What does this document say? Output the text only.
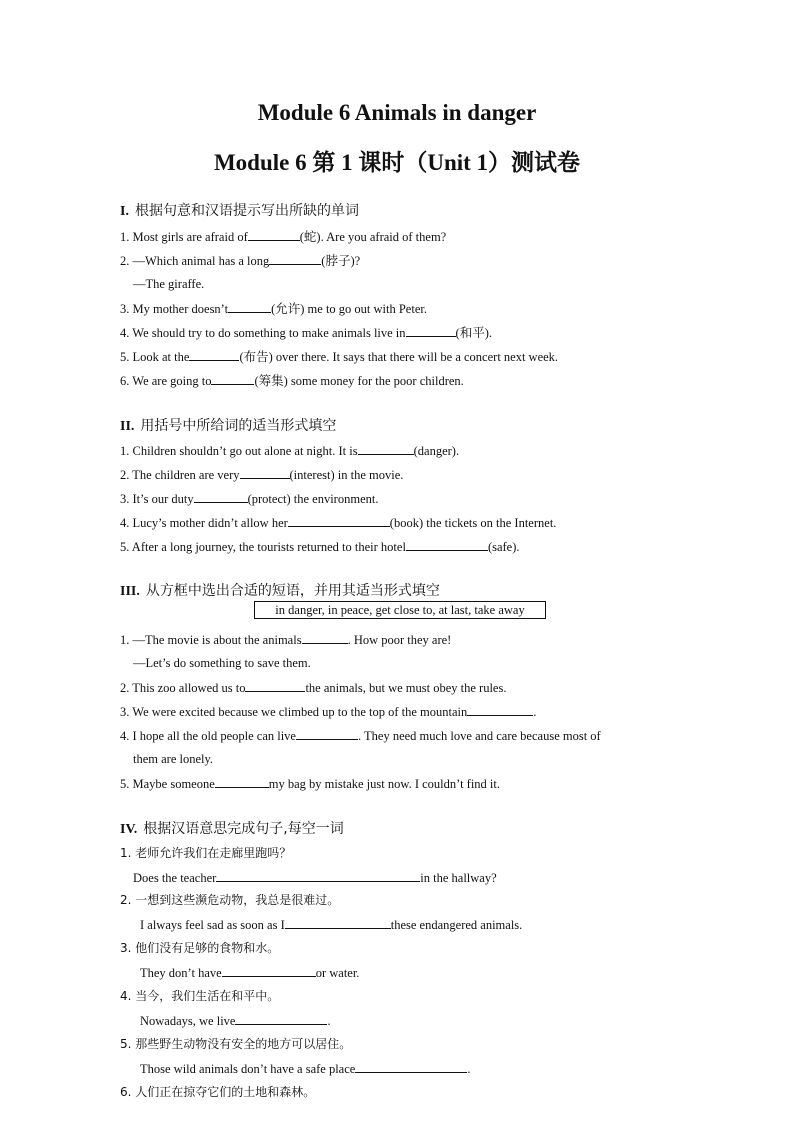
Module 6 Animals in danger
Module 6 第 1 课时（Unit 1）测试卷
I. 根据句意和汉语提示写出所缺的单词
1. Most girls are afraid of	(蛇). Are you afraid of them?
2. —Which animal has a long	(脖子)?
—The giraffe.
3. My mother doesn’t	(允许) me to go out with Peter.
4. We should try to do something to make animals live in	(和平).
5. Look at the	(布告) over there. It says that there will be a concert next week.
6. We are going to	(筹集) some money for the poor children.
II. 用括号中所给词的适当形式填空
1. Children shouldn’t go out alone at night. It is	(danger).
2. The children are very	(interest) in the movie.
3. It’s our duty	(protect) the environment.
4. Lucy’s mother didn’t allow her	(book) the tickets on the Internet.
5. After a long journey, the tourists returned to their hotel	(safe).
III. 从方框中选出合适的短语，并用其适当形式填空
in danger, in peace, get close to, at last, take away
1. —The movie is about the animals	. How poor they are!
—Let’s do something to save them.
2. This zoo allowed us to	the animals, but we must obey the rules.
3. We were excited because we climbed up to the top of the mountain	.
4. I hope all the old people can live	. They need much love and care because most of
them are lonely.
5. Maybe someone	my bag by mistake just now. I couldn’t find it.
IV. 根据汉语意思完成句子,每空一词
1. 老师允许我们在走廊里跑吗？
Does the teacher	in the hallway?
2. 一想到这些濒危动物，我总是很难过。
I always feel sad as soon as I	these endangered animals.
3. 他们没有足够的食物和水。
They don’t have	or water.
4. 当今，我们生活在和平中。
Nowadays, we live	.
5. 那些野生动物没有安全的地方可以居住。
Those wild animals don’t have a safe place	.
6. 人们正在掠夺它们的土地和森林。
